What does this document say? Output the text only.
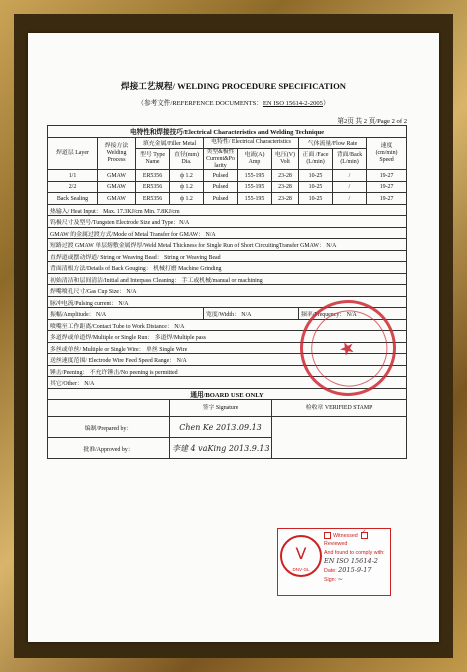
焊接工艺规程/ WELDING PROCEDURE SPECIFICATION
（参考文件/REFERFENCE DOCUMENTS：EN ISO 15614-2-2005）
第2页 共 2 页/Page 2 of 2
电特性和焊接技巧/Electrical Characteristics and Welding Technique									
焊道层 Layer	焊接方法 Welding Process	填充金属/Filler Metal		电特性/ Electrical Characteristics			气体流量/Flow Rate		速度 (cm/min) Speed
		型号 Type Name	直径(mm) Dia.	类型&极性 Current&Po larity	电流(A) Amp	电压(V) Volt	正面 /Face (L/min)	背面/Back (L/min)	
1/1	GMAW	ER5356	ф 1.2	Pulsed	155-195	23-28	10-25	/	19-27
2/2	GMAW	ER5356	ф 1.2	Pulsed	155-195	23-28	10-25	/	19-27
Back Sealing	GMAW	ER5356	ф 1.2	Pulsed	155-195	23-28	10-25	/	19-27
热输入/ Heat Input： Max. 17.3KJ/cm Min. 7.8KJ/cm									
钨极尺寸及型号/Tungsten Electrode Size and Type：N/A									
GMAW 的金属过渡方式/Mode of Metal Transfer for GMAW： N/A									
短路过渡 GMAW 单层熔敷金属焊厚/Weld Metal Thickness for Single Run of Short CircuitingTransfer GMAW： N/A									
直焊道或摆动焊道/ String or Weaving Bead： String or Weaving Bead									
背面清根方法/Details of Back Gouging： 机械打磨 Machine Grinding									
初始清洁和层间清洁/Initial and Interpass Cleaning： 手工或机械/manual or machining									
焊嘴喷孔尺寸/Gas Cup Size： N/A									
脉冲电流/Pulsing current： N/A									
振幅/Amplitude： N/A				宽度/Width： N/A			频率/Frequency： N/A		
喷嘴至工作距离/Contact Tube to Work Distance： N/A									
多道焊或单道焊/Multiple or Single Run： 多道焊/Multiple pass									
多丝或单丝/ Multiple or Single Wire： 单丝 Single Wire									
送丝速度范围/ Electrode Wire Feed Speed Range： N/A									
锤击/Peening： 不允许锤击/No peening is permitted									
其它/Other： N/A									
通用/BOARD USE ONLY									
			签字 Signature			检收章 VERIFIED STAMP			
编制/Prepared by：			Chen Ke 2013.09.13						
批准/Approved by：			李建 4 vaKing 2013.9.13						
★
V
DNV·GL
Witnessed  ✓Reviewed
And found to comply with:
EN ISO 15614-2
Date: 2015-9-17
Sign: ~
